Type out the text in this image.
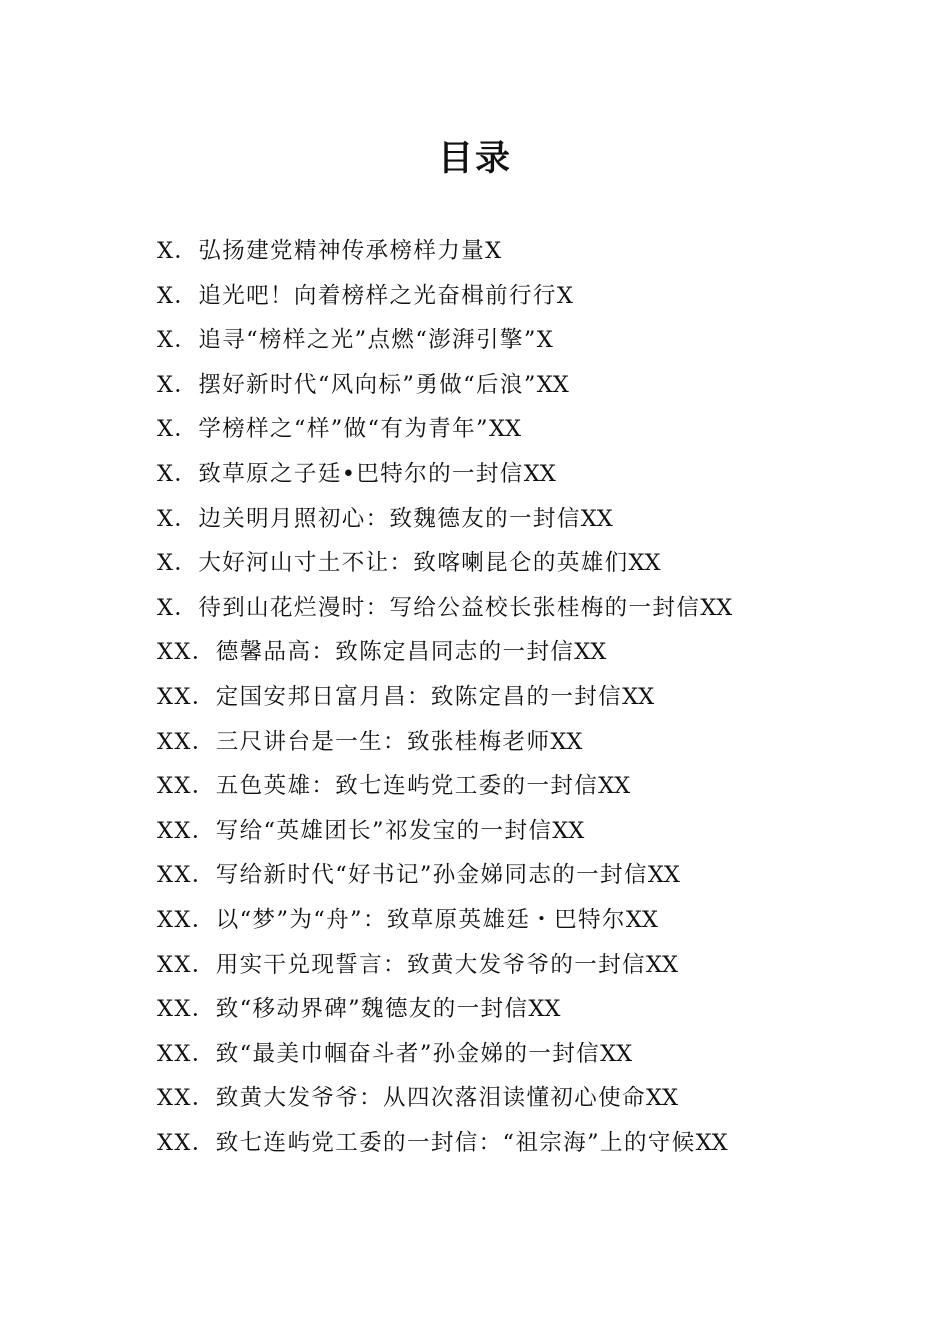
目录
X．弘扬建党精神传承榜样力量X
X．追光吧！向着榜样之光奋楫前行行X
X．追寻“榜样之光”点燃“澎湃引擎”X
X．摆好新时代“风向标”勇做“后浪”XX
X．学榜样之“样”做“有为青年”XX
X．致草原之子廷•巴特尔的一封信XX
X．边关明月照初心：致魏德友的一封信XX
X．大好河山寸土不让：致喀喇昆仑的英雄们XX
X．待到山花烂漫时：写给公益校长张桂梅的一封信XX
XX．德馨品高：致陈定昌同志的一封信XX
XX．定国安邦日富月昌：致陈定昌的一封信XX
XX．三尺讲台是一生：致张桂梅老师XX
XX．五色英雄：致七连屿党工委的一封信XX
XX．写给“英雄团长”祁发宝的一封信XX
XX．写给新时代“好书记”孙金娣同志的一封信XX
XX．以“梦”为“舟”：致草原英雄廷・巴特尔XX
XX．用实干兑现誓言：致黄大发爷爷的一封信XX
XX．致“移动界碑”魏德友的一封信XX
XX．致“最美巾帼奋斗者”孙金娣的一封信XX
XX．致黄大发爷爷：从四次落泪读懂初心使命XX
XX．致七连屿党工委的一封信：“祖宗海”上的守候XX
